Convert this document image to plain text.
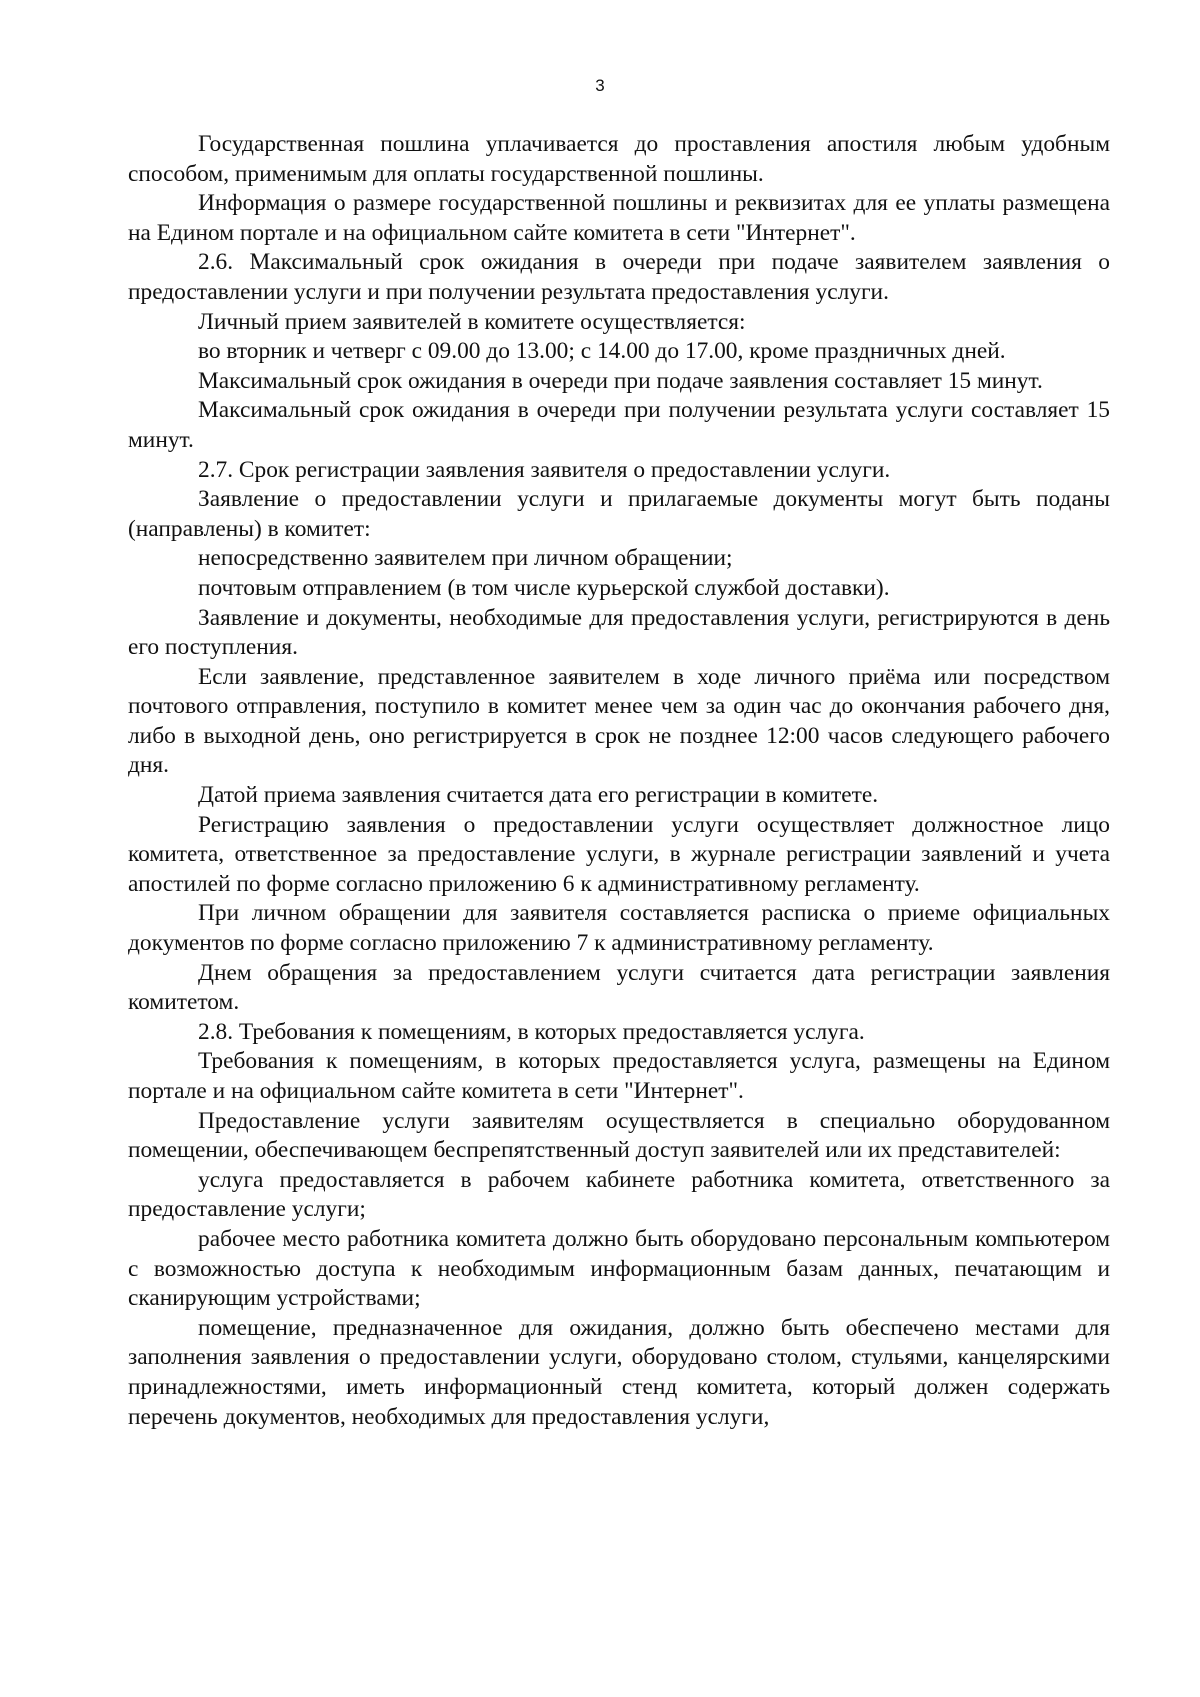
3

Государственная пошлина уплачивается до проставления апостиля любым удобным способом, применимым для оплаты государственной пошлины.

Информация о размере государственной пошлины и реквизитах для ее уплаты размещена на Едином портале и на официальном сайте комитета в сети "Интернет".

2.6. Максимальный срок ожидания в очереди при подаче заявителем заявления о предоставлении услуги и при получении результата предоставления услуги.

Личный прием заявителей в комитете осуществляется:

во вторник и четверг с 09.00 до 13.00; с 14.00 до 17.00, кроме праздничных дней.

Максимальный срок ожидания в очереди при подаче заявления составляет 15 минут.

Максимальный срок ожидания в очереди при получении результата услуги составляет 15 минут.

2.7. Срок регистрации заявления заявителя о предоставлении услуги.

Заявление о предоставлении услуги и прилагаемые документы могут быть поданы (направлены) в комитет:

непосредственно заявителем при личном обращении;

почтовым отправлением (в том числе курьерской службой доставки).

Заявление и документы, необходимые для предоставления услуги, регистрируются в день его поступления.

Если заявление, представленное заявителем в ходе личного приёма или посредством почтового отправления, поступило в комитет менее чем за один час до окончания рабочего дня, либо в выходной день, оно регистрируется в срок не позднее 12:00 часов следующего рабочего дня.

Датой приема заявления считается дата его регистрации в комитете.

Регистрацию заявления о предоставлении услуги осуществляет должностное лицо комитета, ответственное за предоставление услуги, в журнале регистрации заявлений и учета апостилей по форме согласно приложению 6 к административному регламенту.

При личном обращении для заявителя составляется расписка о приеме официальных документов по форме согласно приложению 7 к административному регламенту.

Днем обращения за предоставлением услуги считается дата регистрации заявления комитетом.

2.8. Требования к помещениям, в которых предоставляется услуга.

Требования к помещениям, в которых предоставляется услуга, размещены на Едином портале и на официальном сайте комитета в сети "Интернет".

Предоставление услуги заявителям осуществляется в специально оборудованном помещении, обеспечивающем беспрепятственный доступ заявителей или их представителей:

услуга предоставляется в рабочем кабинете работника комитета, ответственного за предоставление услуги;

рабочее место работника комитета должно быть оборудовано персональным компьютером с возможностью доступа к необходимым информационным базам данных, печатающим и сканирующим устройствами;

помещение, предназначенное для ожидания, должно быть обеспечено местами для заполнения заявления о предоставлении услуги, оборудовано столом, стульями, канцелярскими принадлежностями, иметь информационный стенд комитета, который должен содержать перечень документов, необходимых для предоставления услуги,
